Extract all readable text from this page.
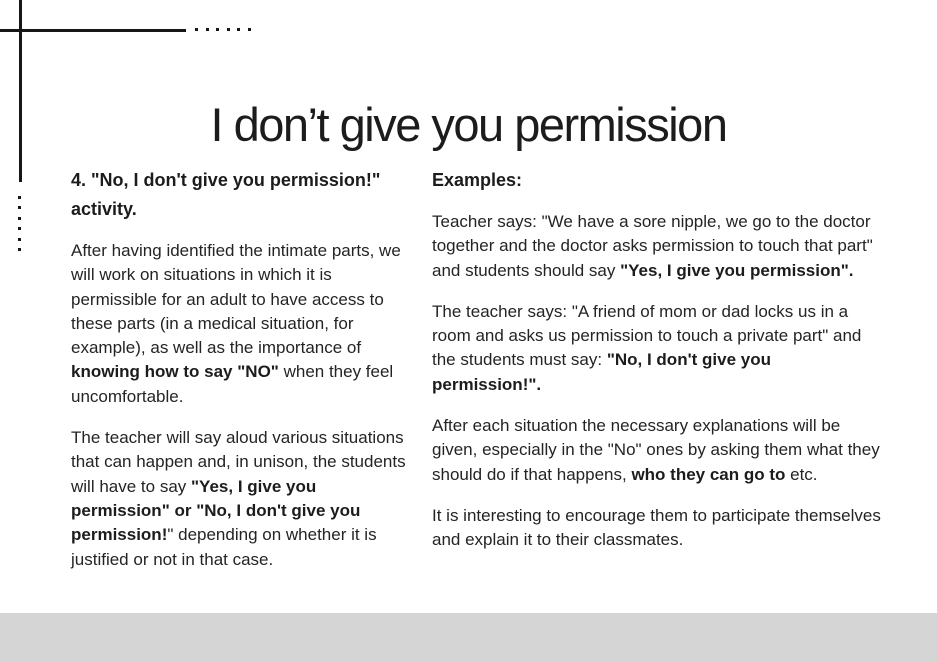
I don’t give you permission
4. "No, I don't give you permission!" activity.

After having identified the intimate parts, we will work on situations in which it is permissible for an adult to have access to these parts (in a medical situation, for example), as well as the importance of knowing how to say "NO" when they feel uncomfortable.

The teacher will say aloud various situations that can happen and, in unison, the students will have to say "Yes, I give you permission" or "No, I don't give you permission!" depending on whether it is justified or not in that case.

Examples:

Teacher says: "We have a sore nipple, we go to the doctor together and the doctor asks permission to touch that part" and students should say "Yes, I give you permission".

The teacher says: "A friend of mom or dad locks us in a room and asks us permission to touch a private part" and the students must say: "No, I don't give you permission!".

After each situation the necessary explanations will be given, especially in the "No" ones by asking them what they should do if that happens, who they can go to etc.

It is interesting to encourage them to participate themselves and explain it to their classmates.
